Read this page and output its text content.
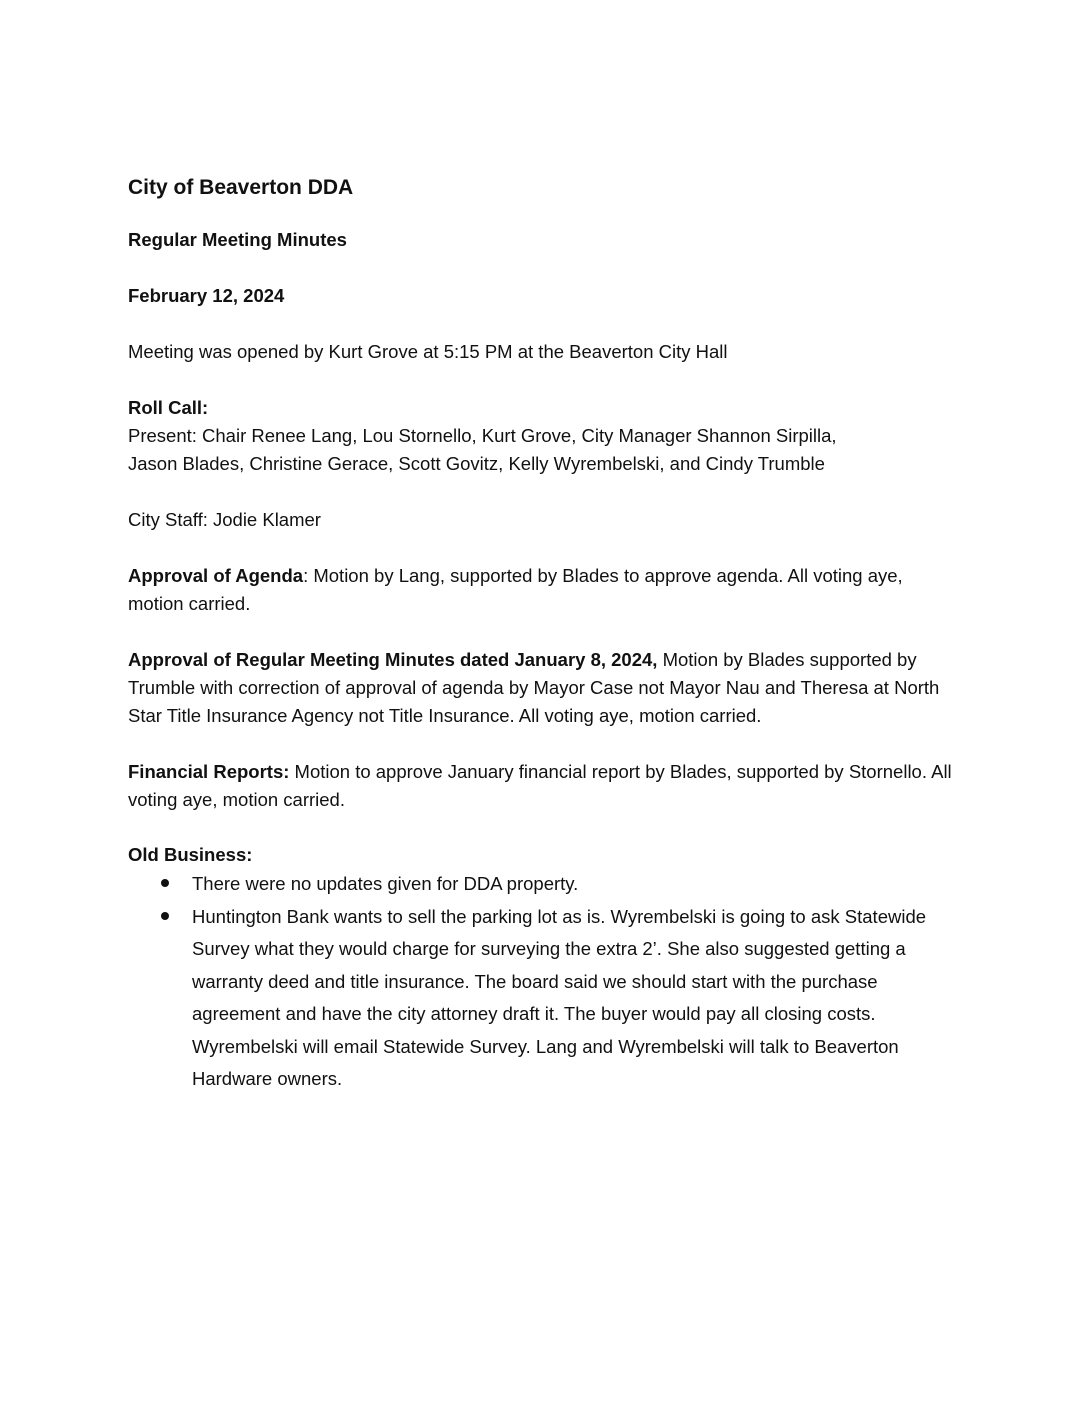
City of Beaverton DDA
Regular Meeting Minutes
February 12, 2024

Meeting was opened by Kurt Grove at 5:15 PM at the Beaverton City Hall

Roll Call:
Present: Chair Renee Lang, Lou Stornello, Kurt Grove, City Manager Shannon Sirpilla,
Jason Blades, Christine Gerace, Scott Govitz, Kelly Wyrembelski, and Cindy Trumble

City Staff: Jodie Klamer

Approval of Agenda: Motion by Lang, supported by Blades to approve agenda. All voting aye, motion carried.

Approval of Regular Meeting Minutes dated January 8, 2024, Motion by Blades supported by Trumble with correction of approval of agenda by Mayor Case not Mayor Nau and Theresa at North Star Title Insurance Agency not Title Insurance. All voting aye, motion carried.

Financial Reports: Motion to approve January financial report by Blades, supported by Stornello. All voting aye, motion carried.

Old Business:
There were no updates given for DDA property.
Huntington Bank wants to sell the parking lot as is. Wyrembelski is going to ask Statewide Survey what they would charge for surveying the extra 2’. She also suggested getting a warranty deed and title insurance. The board said we should start with the purchase agreement and have the city attorney draft it. The buyer would pay all closing costs. Wyrembelski will email Statewide Survey. Lang and Wyrembelski will talk to Beaverton Hardware owners.
